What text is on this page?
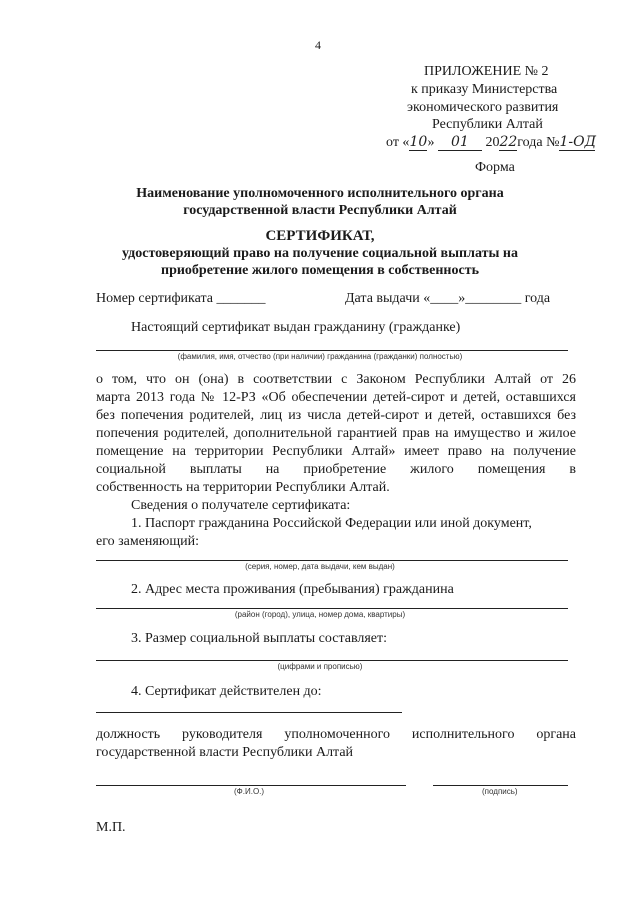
4
ПРИЛОЖЕНИЕ № 2
к приказу Министерства
экономического развития
Республики Алтай
от «10» 01 2022года №1-ОД
Форма
Наименование уполномоченного исполнительного органа
государственной власти Республики Алтай
СЕРТИФИКАТ,
удостоверяющий право на получение социальной выплаты на
приобретение жилого помещения в собственность
Номер сертификата _______	Дата выдачи «____»________ года
Настоящий сертификат выдан гражданину (гражданке)
(фамилия, имя, отчество (при наличии) гражданина (гражданки) полностью)
о том, что он (она) в соответствии с Законом Республики Алтай от 26
марта 2013 года № 12-РЗ «Об обеспечении детей-сирот и детей, оставшихся
без попечения родителей, лиц из числа детей-сирот и детей, оставшихся без
попечения родителей, дополнительной гарантией прав на имущество и жилое
помещение на территории Республики Алтай» имеет право на получение
социальной выплаты на приобретение жилого помещения в
собственность на территории Республики Алтай.
Сведения о получателе сертификата:
1. Паспорт гражданина Российской Федерации или иной документ,
его заменяющий:
(серия, номер, дата выдачи, кем выдан)
2. Адрес места проживания (пребывания) гражданина
(район (город), улица, номер дома, квартиры)
3. Размер социальной выплаты составляет:
(цифрами и прописью)
4. Сертификат действителен до:
должность руководителя уполномоченного исполнительного органа
государственной власти Республики Алтай
(Ф.И.О.)	(подпись)
М.П.
